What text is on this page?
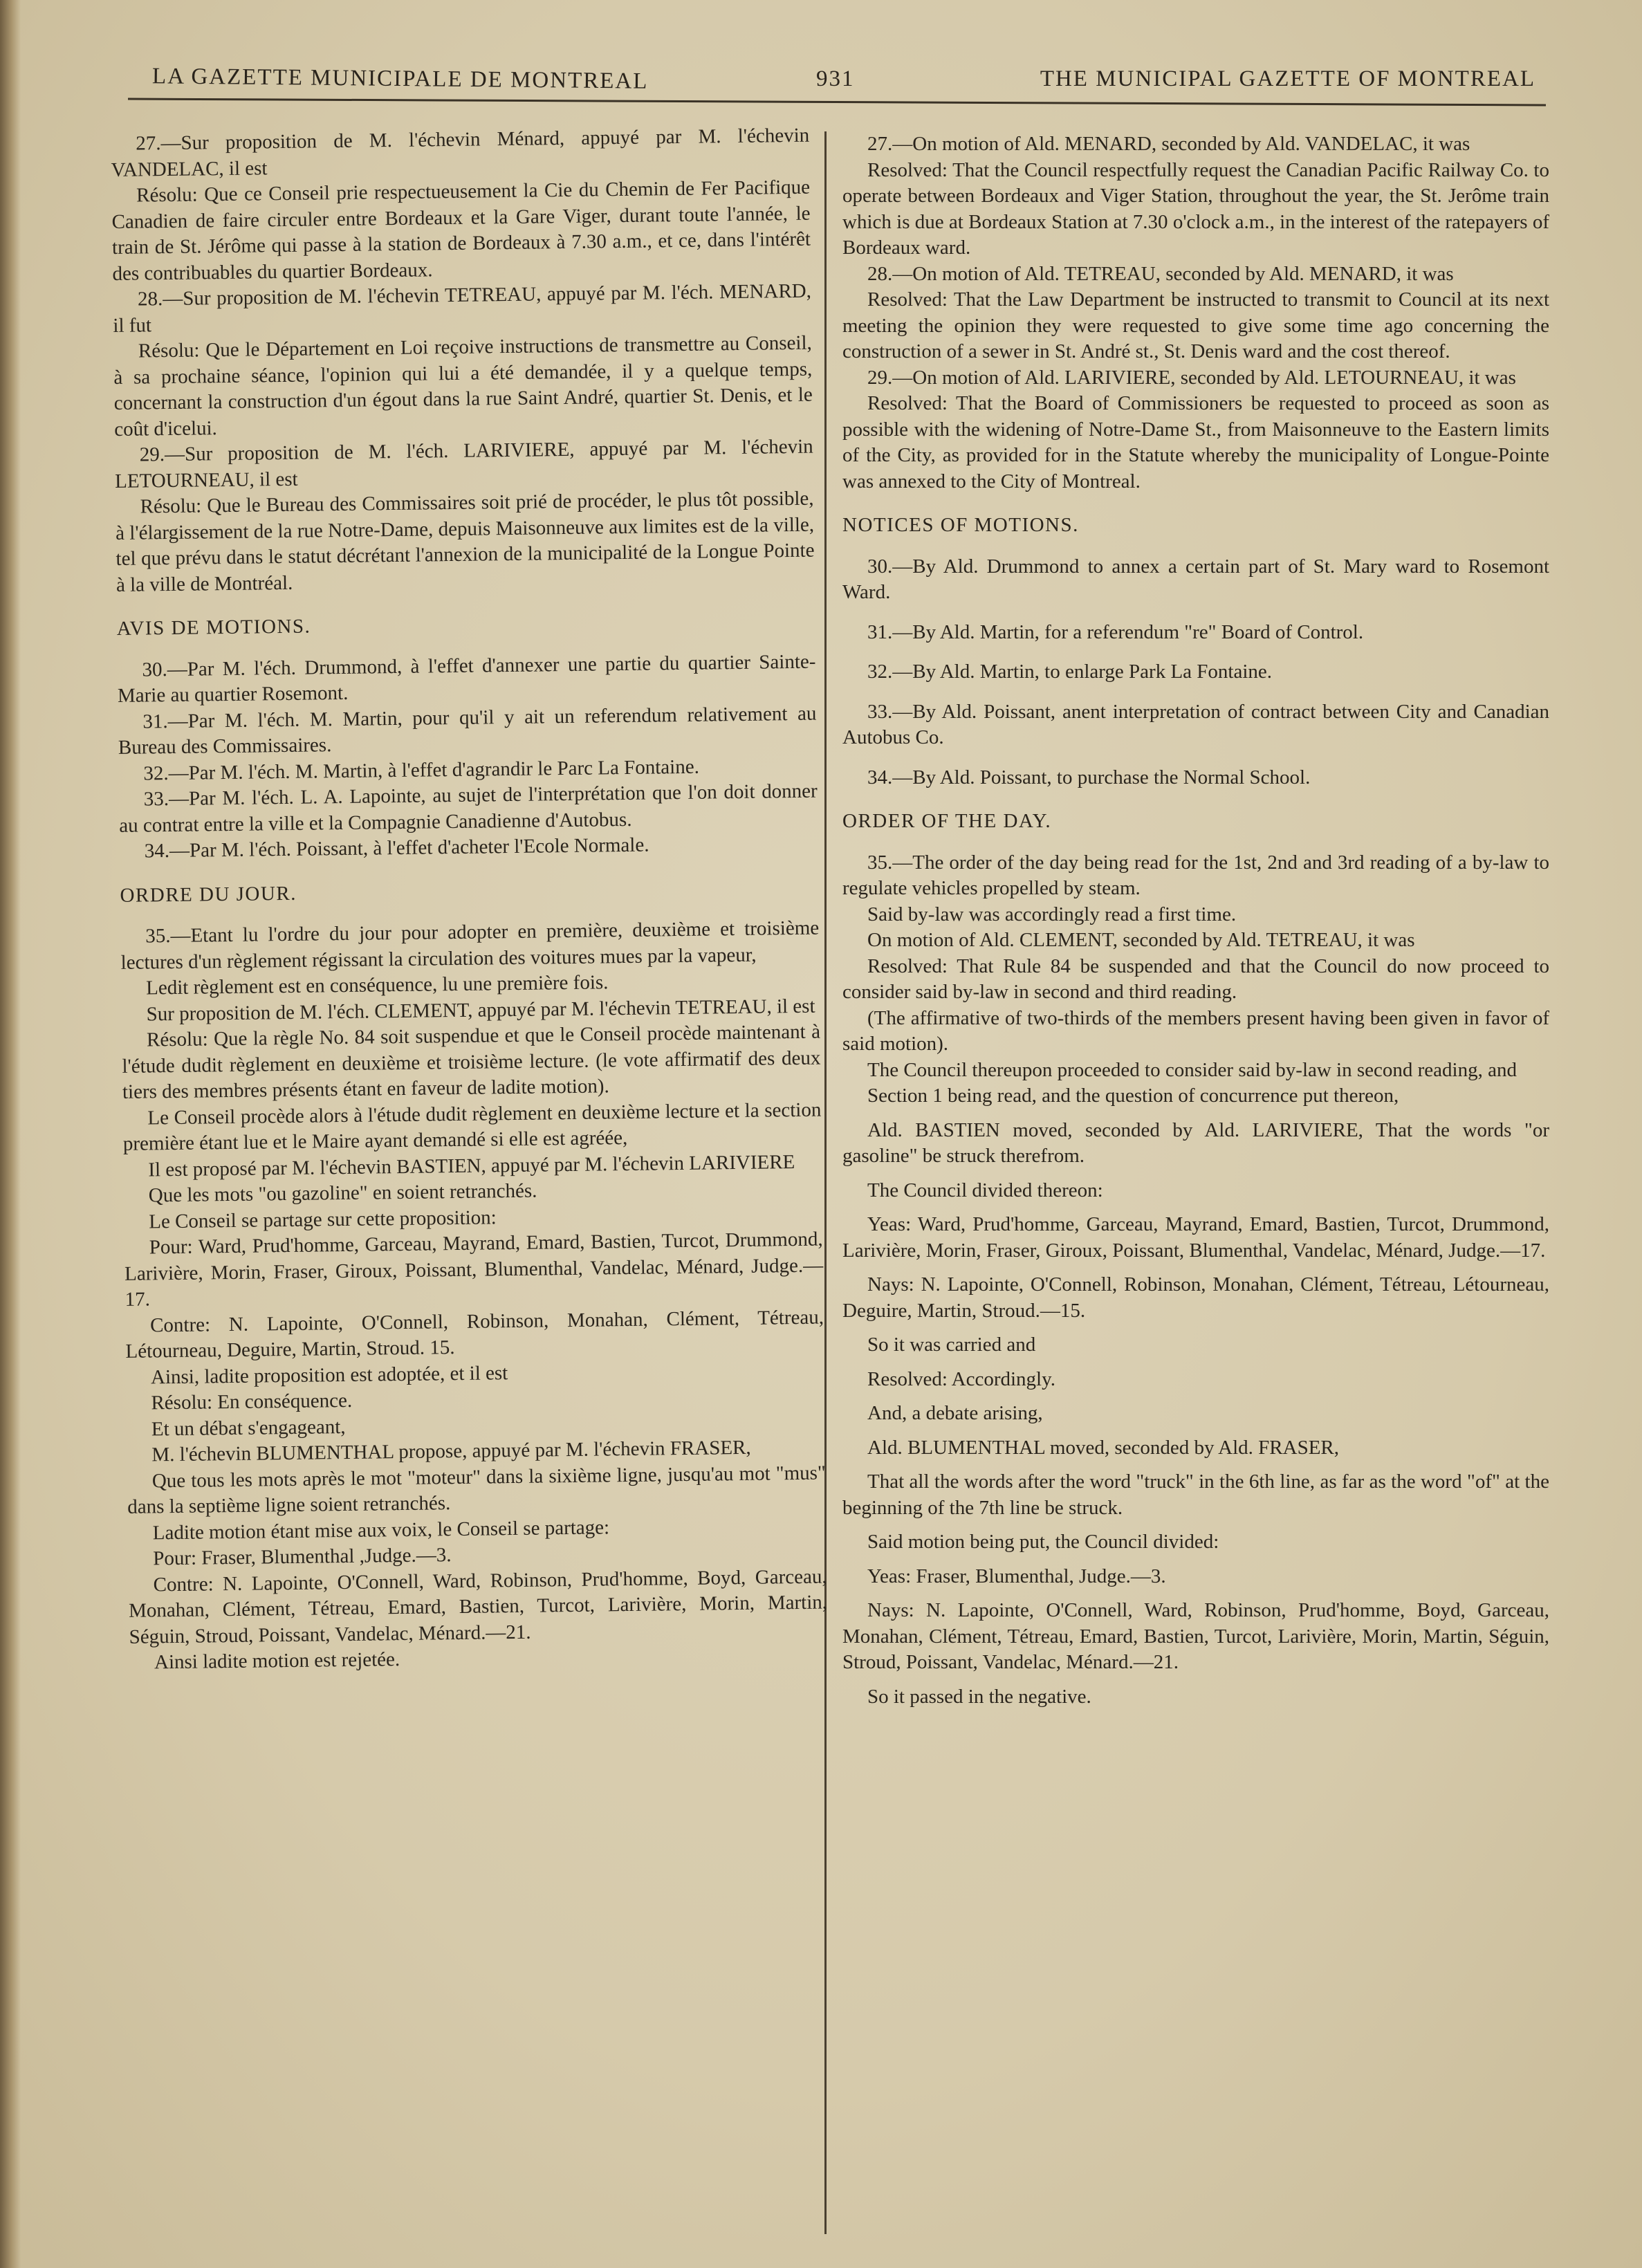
LA GAZETTE MUNICIPALE DE MONTREAL	931	THE MUNICIPAL GAZETTE OF MONTREAL

27.—Sur proposition de M. l'échevin Ménard, appuyé par M. l'échevin VANDELAC, il est

Résolu: Que ce Conseil prie respectueusement la Cie du Chemin de Fer Pacifique Canadien de faire circuler entre Bordeaux et la Gare Viger, durant toute l'année, le train de St. Jérôme qui passe à la station de Bordeaux à 7.30 a.m., et ce, dans l'intérêt des contribuables du quartier Bordeaux.

28.—Sur proposition de M. l'échevin TETREAU, appuyé par M. l'éch. MENARD, il fut

Résolu: Que le Département en Loi reçoive instructions de transmettre au Conseil, à sa prochaine séance, l'opinion qui lui a été demandée, il y a quelque temps, concernant la construction d'un égout dans la rue Saint André, quartier St. Denis, et le coût d'icelui.

29.—Sur proposition de M. l'éch. LARIVIERE, appuyé par M. l'échevin LETOURNEAU, il est

Résolu: Que le Bureau des Commissaires soit prié de procéder, le plus tôt possible, à l'élargissement de la rue Notre-Dame, depuis Maisonneuve aux limites est de la ville, tel que prévu dans le statut décrétant l'annexion de la municipalité de la Longue Pointe à la ville de Montréal.

AVIS DE MOTIONS.

30.—Par M. l'éch. Drummond, à l'effet d'annexer une partie du quartier Sainte-Marie au quartier Rosemont.

31.—Par M. l'éch. M. Martin, pour qu'il y ait un referendum relativement au Bureau des Commissaires.

32.—Par M. l'éch. M. Martin, à l'effet d'agrandir le Parc La Fontaine.

33.—Par M. l'éch. L. A. Lapointe, au sujet de l'interprétation que l'on doit donner au contrat entre la ville et la Compagnie Canadienne d'Autobus.

34.—Par M. l'éch. Poissant, à l'effet d'acheter l'Ecole Normale.

ORDRE DU JOUR.

35.—Etant lu l'ordre du jour pour adopter en première, deuxième et troisième lectures d'un règlement régissant la circulation des voitures mues par la vapeur,

Ledit règlement est en conséquence, lu une première fois.

Sur proposition de M. l'éch. CLEMENT, appuyé par M. l'échevin TETREAU, il est

Résolu: Que la règle No. 84 soit suspendue et que le Conseil procède maintenant à l'étude dudit règlement en deuxième et troisième lecture. (le vote affirmatif des deux tiers des membres présents étant en faveur de ladite motion).

Le Conseil procède alors à l'étude dudit règlement en deuxième lecture et la section première étant lue et le Maire ayant demandé si elle est agréée,

Il est proposé par M. l'échevin BASTIEN, appuyé par M. l'échevin LARIVIERE

Que les mots "ou gazoline" en soient retranchés.

Le Conseil se partage sur cette proposition:

Pour: Ward, Prud'homme, Garceau, Mayrand, Emard, Bastien, Turcot, Drummond, Larivière, Morin, Fraser, Giroux, Poissant, Blumenthal, Vandelac, Ménard, Judge.—17.

Contre: N. Lapointe, O'Connell, Robinson, Monahan, Clément, Tétreau, Létourneau, Deguire, Martin, Stroud. 15.

Ainsi, ladite proposition est adoptée, et il est

Résolu: En conséquence.

Et un débat s'engageant,

M. l'échevin BLUMENTHAL propose, appuyé par M. l'échevin FRASER,

Que tous les mots après le mot "moteur" dans la sixième ligne, jusqu'au mot "mus" dans la septième ligne soient retranchés.

Ladite motion étant mise aux voix, le Conseil se partage:

Pour: Fraser, Blumenthal ,Judge.—3.

Contre: N. Lapointe, O'Connell, Ward, Robinson, Prud'homme, Boyd, Garceau, Monahan, Clément, Tétreau, Emard, Bastien, Turcot, Larivière, Morin, Martin, Séguin, Stroud, Poissant, Vandelac, Ménard.—21.

Ainsi ladite motion est rejetée.

27.—On motion of Ald. MENARD, seconded by Ald. VANDELAC, it was

Resolved: That the Council respectfully request the Canadian Pacific Railway Co. to operate between Bordeaux and Viger Station, throughout the year, the St. Jerôme train which is due at Bordeaux Station at 7.30 o'clock a.m., in the interest of the ratepayers of Bordeaux ward.

28.—On motion of Ald. TETREAU, seconded by Ald. MENARD, it was

Resolved: That the Law Department be instructed to transmit to Council at its next meeting the opinion they were requested to give some time ago concerning the construction of a sewer in St. André st., St. Denis ward and the cost thereof.

29.—On motion of Ald. LARIVIERE, seconded by Ald. LETOURNEAU, it was

Resolved: That the Board of Commissioners be requested to proceed as soon as possible with the widening of Notre-Dame St., from Maisonneuve to the Eastern limits of the City, as provided for in the Statute whereby the municipality of Longue-Pointe was annexed to the City of Montreal.

NOTICES OF MOTIONS.

30.—By Ald. Drummond to annex a certain part of St. Mary ward to Rosemont Ward.

31.—By Ald. Martin, for a referendum "re" Board of Control.

32.—By Ald. Martin, to enlarge Park La Fontaine.

33.—By Ald. Poissant, anent interpretation of contract between City and Canadian Autobus Co.

34.—By Ald. Poissant, to purchase the Normal School.

ORDER OF THE DAY.

35.—The order of the day being read for the 1st, 2nd and 3rd reading of a by-law to regulate vehicles propelled by steam.

Said by-law was accordingly read a first time.

On motion of Ald. CLEMENT, seconded by Ald. TETREAU, it was

Resolved: That Rule 84 be suspended and that the Council do now proceed to consider said by-law in second and third reading.

(The affirmative of two-thirds of the members present having been given in favor of said motion).

The Council thereupon proceeded to consider said by-law in second reading, and

Section 1 being read, and the question of concurrence put thereon,

Ald. BASTIEN moved, seconded by Ald. LARIVIERE, That the words "or gasoline" be struck therefrom.

The Council divided thereon:

Yeas: Ward, Prud'homme, Garceau, Mayrand, Emard, Bastien, Turcot, Drummond, Larivière, Morin, Fraser, Giroux, Poissant, Blumenthal, Vandelac, Ménard, Judge.—17.

Nays: N. Lapointe, O'Connell, Robinson, Monahan, Clément, Tétreau, Létourneau, Deguire, Martin, Stroud.—15.

So it was carried and

Resolved: Accordingly.

And, a debate arising,

Ald. BLUMENTHAL moved, seconded by Ald. FRASER,

That all the words after the word "truck" in the 6th line, as far as the word "of" at the beginning of the 7th line be struck.

Said motion being put, the Council divided:

Yeas: Fraser, Blumenthal, Judge.—3.

Nays: N. Lapointe, O'Connell, Ward, Robinson, Prud'homme, Boyd, Garceau, Monahan, Clément, Tétreau, Emard, Bastien, Turcot, Larivière, Morin, Martin, Séguin, Stroud, Poissant, Vandelac, Ménard.—21.

So it passed in the negative.
